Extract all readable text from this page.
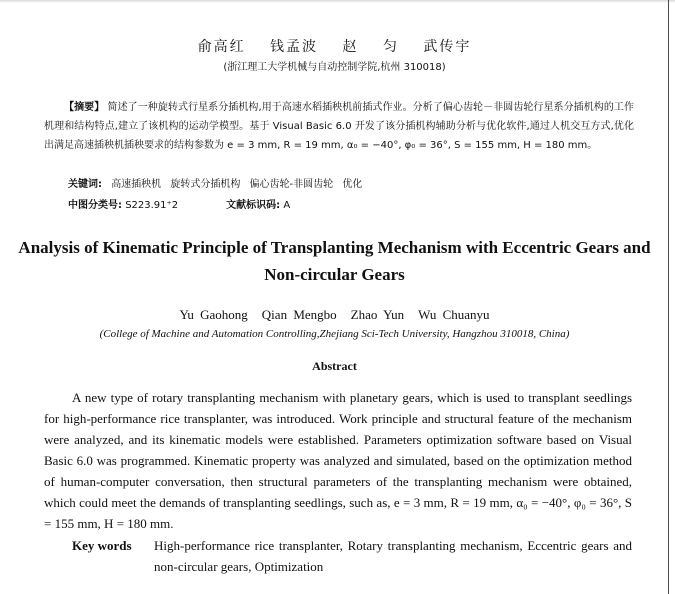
俞高红 钱孟波 赵 匀 武传宇
(浙江理工大学机械与自动控制学院,杭州 310018)
【摘要】 简述了一种旋转式行星系分插机构,用于高速水稻插秧机前插式作业。分析了偏心齿轮－非圆齿轮行星系分插机构的工作机理和结构特点,建立了该机构的运动学模型。基于 Visual Basic 6.0 开发了该分插机构辅助分析与优化软件,通过人机交互方式,优化出满足高速插秧机插秧要求的结构参数为 e = 3 mm, R = 19 mm, α₀ = −40°, φ₀ = 36°, S = 155 mm, H = 180 mm。
关键词: 高速插秧机 旋转式分插机构 偏心齿轮-非圆齿轮 优化
中图分类号: S223.91⁺2	文献标识码: A
Analysis of Kinematic Principle of Transplanting Mechanism with Eccentric Gears and Non-circular Gears
Yu Gaohong Qian Mengbo Zhao Yun Wu Chuanyu
(College of Machine and Automation Controlling,Zhejiang Sci-Tech University, Hangzhou 310018, China)
Abstract
A new type of rotary transplanting mechanism with planetary gears, which is used to transplant seedlings for high-performance rice transplanter, was introduced. Work principle and structural feature of the mechanism were analyzed, and its kinematic models were established. Parameters optimization software based on Visual Basic 6.0 was programmed. Kinematic property was analyzed and simulated, based on the optimization method of human-computer conversation, then structural parameters of the transplanting mechanism were obtained, which could meet the demands of transplanting seedlings, such as, e = 3 mm, R = 19 mm, α₀ = −40°, φ₀ = 36°, S = 155 mm, H = 180 mm.
Key words	High-performance rice transplanter, Rotary transplanting mechanism, Eccentric gears and non-circular gears, Optimization
